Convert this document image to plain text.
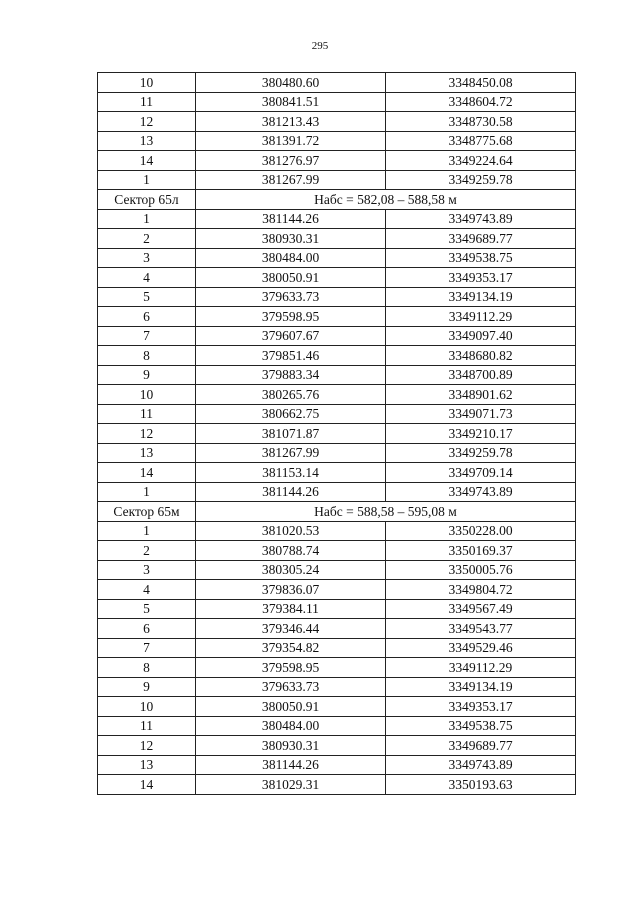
295
10	380480.60	3348450.08
11	380841.51	3348604.72
12	381213.43	3348730.58
13	381391.72	3348775.68
14	381276.97	3349224.64
1	381267.99	3349259.78
Сектор 65л	Набс = 582,08 – 588,58 м	
1	381144.26	3349743.89
2	380930.31	3349689.77
3	380484.00	3349538.75
4	380050.91	3349353.17
5	379633.73	3349134.19
6	379598.95	3349112.29
7	379607.67	3349097.40
8	379851.46	3348680.82
9	379883.34	3348700.89
10	380265.76	3348901.62
11	380662.75	3349071.73
12	381071.87	3349210.17
13	381267.99	3349259.78
14	381153.14	3349709.14
1	381144.26	3349743.89
Сектор 65м	Набс = 588,58 – 595,08 м	
1	381020.53	3350228.00
2	380788.74	3350169.37
3	380305.24	3350005.76
4	379836.07	3349804.72
5	379384.11	3349567.49
6	379346.44	3349543.77
7	379354.82	3349529.46
8	379598.95	3349112.29
9	379633.73	3349134.19
10	380050.91	3349353.17
11	380484.00	3349538.75
12	380930.31	3349689.77
13	381144.26	3349743.89
14	381029.31	3350193.63
